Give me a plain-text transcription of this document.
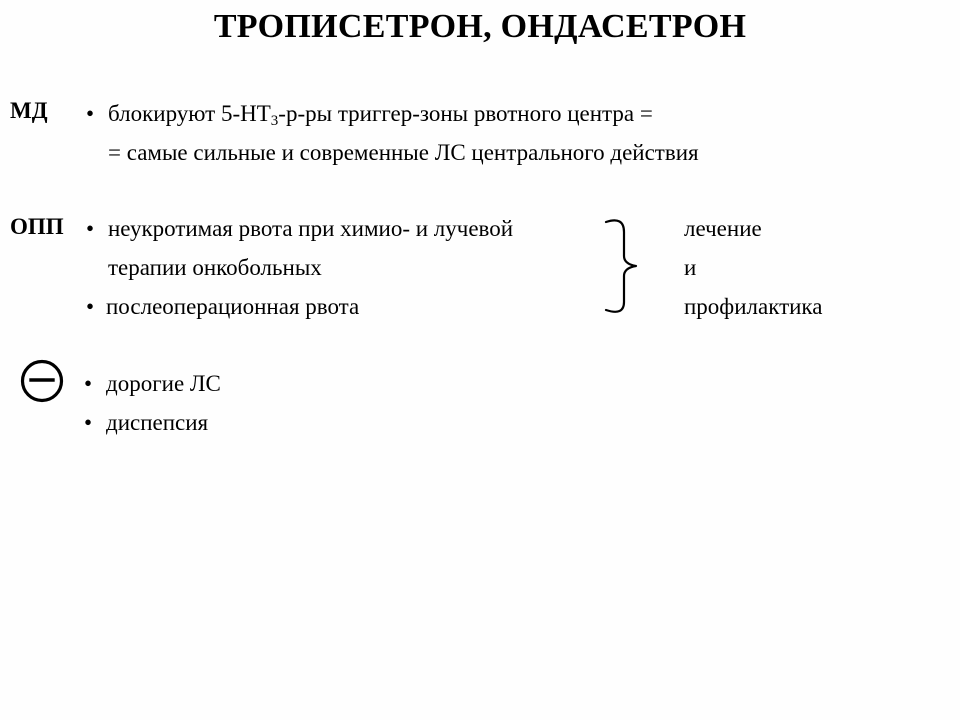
ТРОПИСЕТРОН, ОНДАСЕТРОН
МД • блокируют $5-НТ_3-р-ры$ триггер-зоны рвотного центра =
= самые сильные и современные ЛС центрального действия
ОПП • неукротимая рвота при химио- и лучевой
терапии онкобольных
• послеоперационная рвота
лечение
и
профилактика
• дорогие ЛС
• диспепсия
